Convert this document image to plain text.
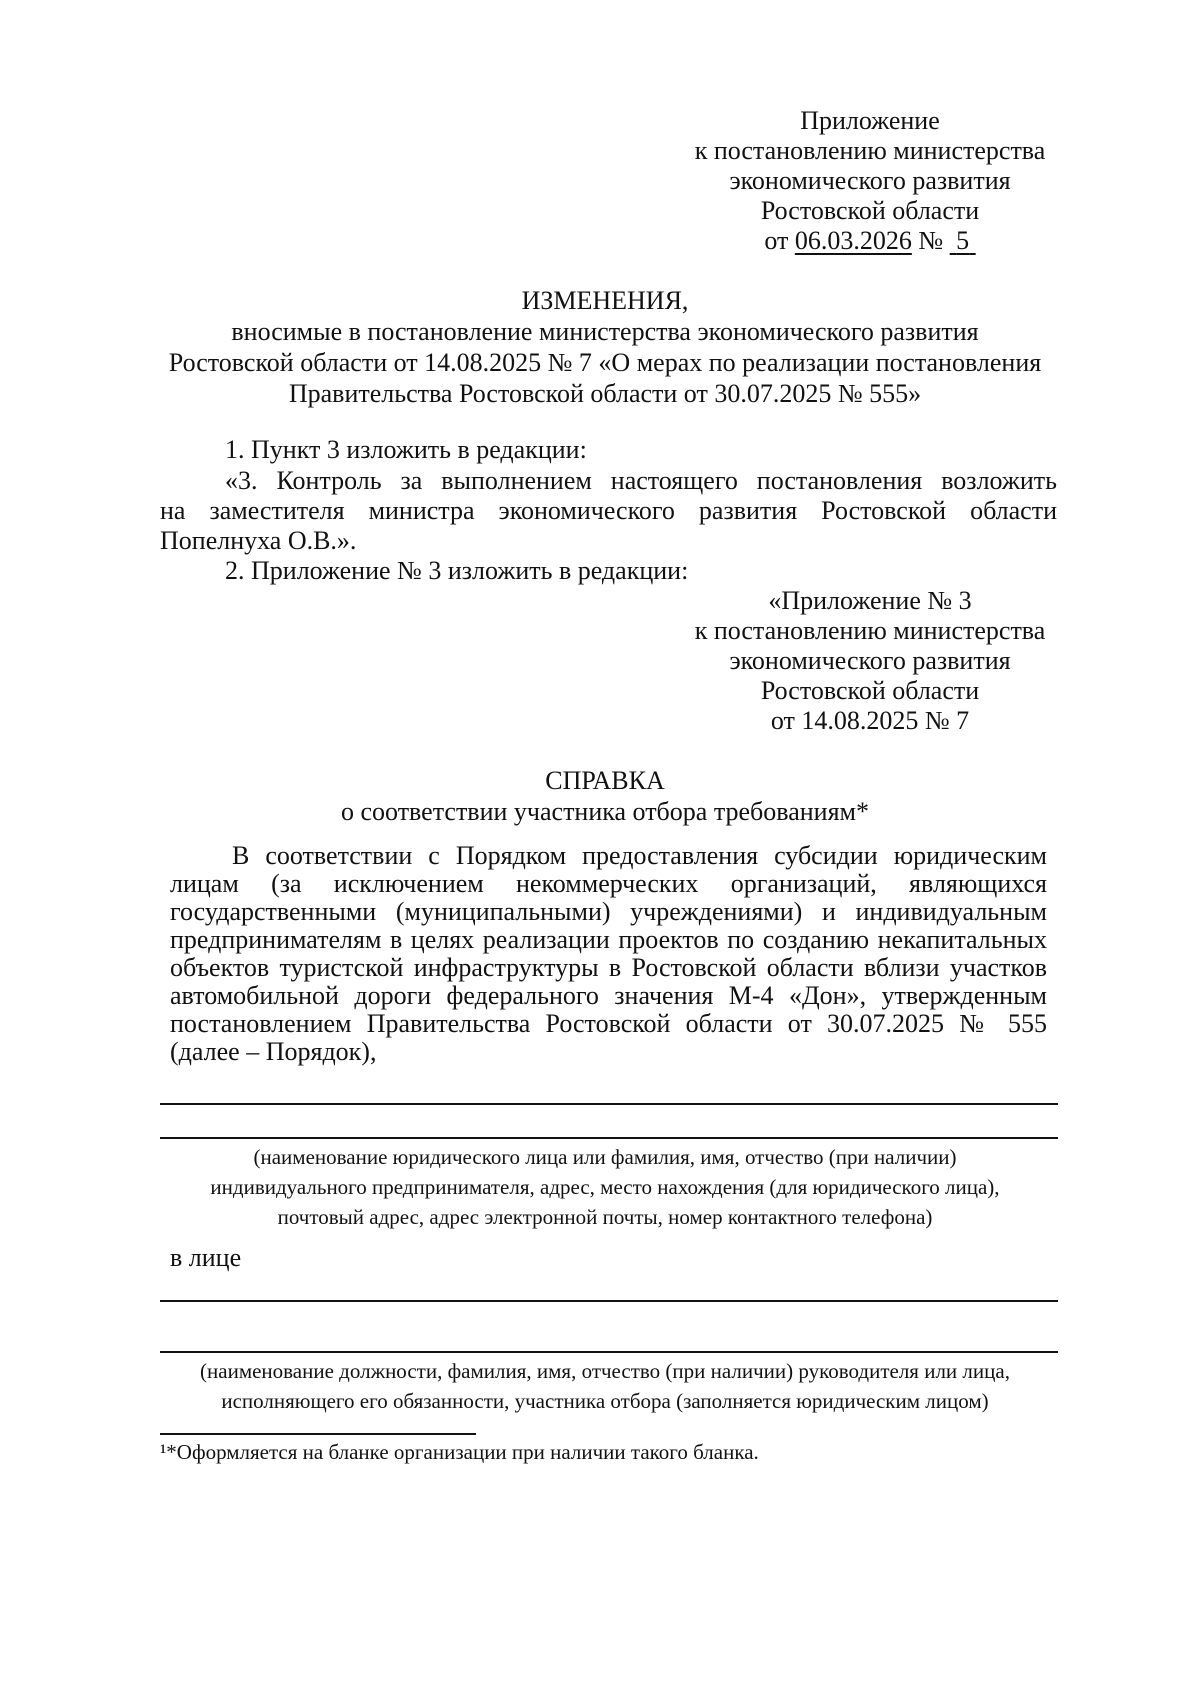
Приложение

к постановлению министерства

экономического развития

Ростовской области

от 06.03.2026 № 5

ИЗМЕНЕНИЯ,

вносимые в постановление министерства экономического развития

Ростовской области от 14.08.2025 № 7 «О мерах по реализации постановления

Правительства Ростовской области от 30.07.2025 № 555»

1. Пункт 3 изложить в редакции:

«3. Контроль за выполнением настоящего постановления возложить

на заместителя министра экономического развития Ростовской области

Попелнуха О.В.».

2. Приложение № 3 изложить в редакции:

«Приложение № 3

к постановлению министерства

экономического развития

Ростовской области

от 14.08.2025 № 7

СПРАВКА

о соответствии участника отбора требованиям*

В соответствии с Порядком предоставления субсидии юридическим

лицам (за исключением некоммерческих организаций, являющихся

государственными (муниципальными) учреждениями) и индивидуальным

предпринимателям в целях реализации проектов по созданию некапитальных

объектов туристской инфраструктуры в Ростовской области вблизи участков

автомобильной дороги федерального значения М-4 «Дон», утвержденным

постановлением Правительства Ростовской области от 30.07.2025 № 555

(далее – Порядок),

(наименование юридического лица или фамилия, имя, отчество (при наличии)

индивидуального предпринимателя, адрес, место нахождения (для юридического лица),

почтовый адрес, адрес электронной почты, номер контактного телефона)

в лице

(наименование должности, фамилия, имя, отчество (при наличии) руководителя или лица,

исполняющего его обязанности, участника отбора (заполняется юридическим лицом)

¹*Оформляется на бланке организации при наличии такого бланка.
